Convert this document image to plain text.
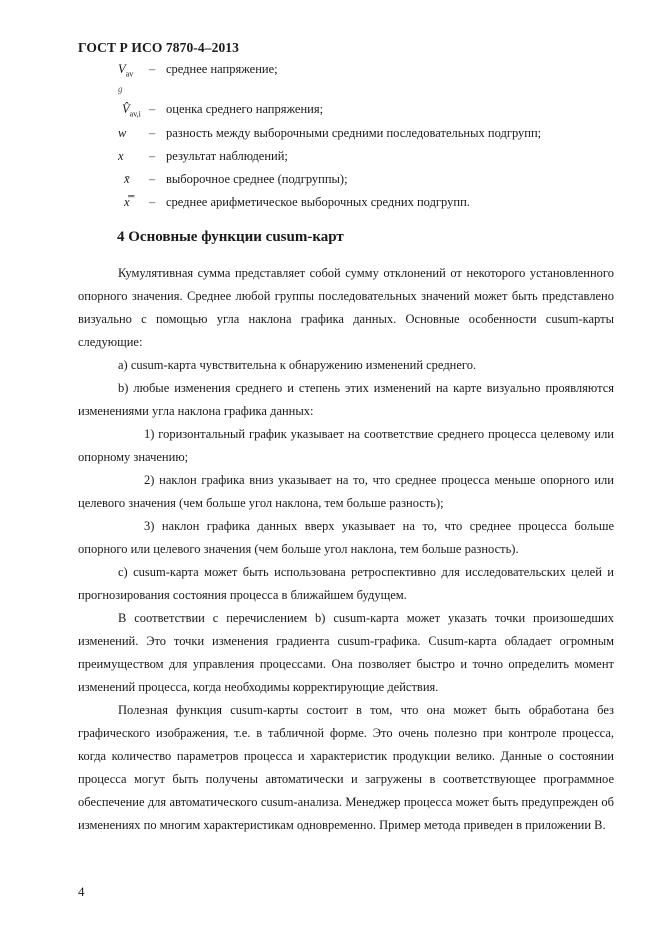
ГОСТ Р ИСО 7870-4–2013
$V_{av}$ – среднее напряжение;
g
$V̂_{av,i}$ – оценка среднего напряжения;
w – разность между выборочными средними последовательных подгрупп;
x – результат наблюдений;
x̄ – выборочное среднее (подгруппы);
x̿ – среднее арифметическое выборочных средних подгрупп.
4 Основные функции cusum-карт

Кумулятивная сумма представляет собой сумму отклонений от некоторого установленного опорного значения. Среднее любой группы последовательных значений может быть представлено визуально с помощью угла наклона графика данных. Основные особенности cusum-карты следующие:

а) cusum-карта чувствительна к обнаружению изменений среднего.

b) любые изменения среднего и степень этих изменений на карте визуально проявляются изменениями угла наклона графика данных:

1) горизонтальный график указывает на соответствие среднего процесса целевому или опорному значению;

2) наклон графика вниз указывает на то, что среднее процесса меньше опорного или целевого значения (чем больше угол наклона, тем больше разность);

3) наклон графика данных вверх указывает на то, что среднее процесса больше опорного или целевого значения (чем больше угол наклона, тем больше разность).

c) cusum-карта может быть использована ретроспективно для исследовательских целей и прогнозирования состояния процесса в ближайшем будущем.

В соответствии с перечислением b) cusum-карта может указать точки произошедших изменений. Это точки изменения градиента cusum-графика. Cusum-карта обладает огромным преимуществом для управления процессами. Она позволяет быстро и точно определить момент изменений процесса, когда необходимы корректирующие действия.

Полезная функция cusum-карты состоит в том, что она может быть обработана без графического изображения, т.е. в табличной форме. Это очень полезно при контроле процесса, когда количество параметров процесса и характеристик продукции велико. Данные о состоянии процесса могут быть получены автоматически и загружены в соответствующее программное обеспечение для автоматического cusum-анализа. Менеджер процесса может быть предупрежден об изменениях по многим характеристикам одновременно. Пример метода приведен в приложении В.

4
